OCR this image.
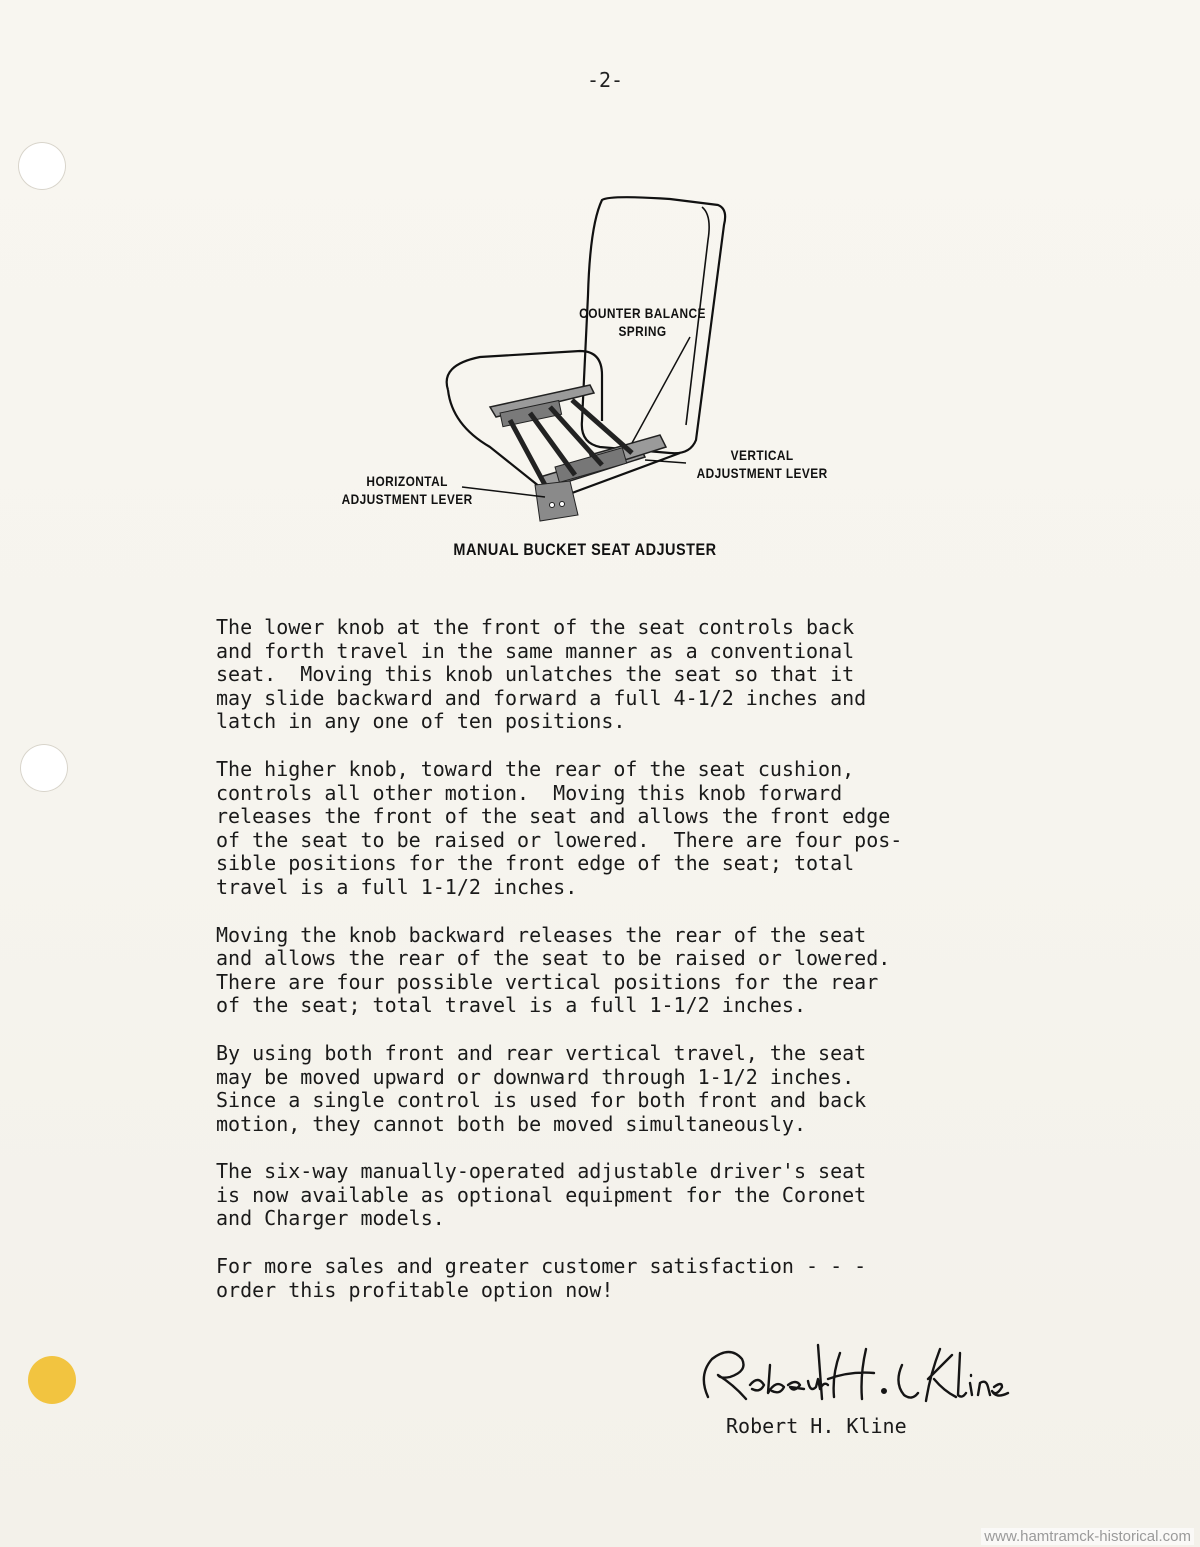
-2-
COUNTER BALANCE
SPRING
VERTICAL
ADJUSTMENT LEVER
HORIZONTAL
ADJUSTMENT LEVER
MANUAL BUCKET SEAT ADJUSTER

The lower knob at the front of the seat controls back
and forth travel in the same manner as a conventional
seat.  Moving this knob unlatches the seat so that it
may slide backward and forward a full 4-1/2 inches and
latch in any one of ten positions.

The higher knob, toward the rear of the seat cushion,
controls all other motion.  Moving this knob forward
releases the front of the seat and allows the front edge
of the seat to be raised or lowered.  There are four pos-
sible positions for the front edge of the seat; total
travel is a full 1-1/2 inches.

Moving the knob backward releases the rear of the seat
and allows the rear of the seat to be raised or lowered.
There are four possible vertical positions for the rear
of the seat; total travel is a full 1-1/2 inches.

By using both front and rear vertical travel, the seat
may be moved upward or downward through 1-1/2 inches.
Since a single control is used for both front and back
motion, they cannot both be moved simultaneously.

The six-way manually-operated adjustable driver's seat
is now available as optional equipment for the Coronet
and Charger models.

For more sales and greater customer satisfaction - - -
order this profitable option now!

Robert H. Kline
www.hamtramck-historical.com
